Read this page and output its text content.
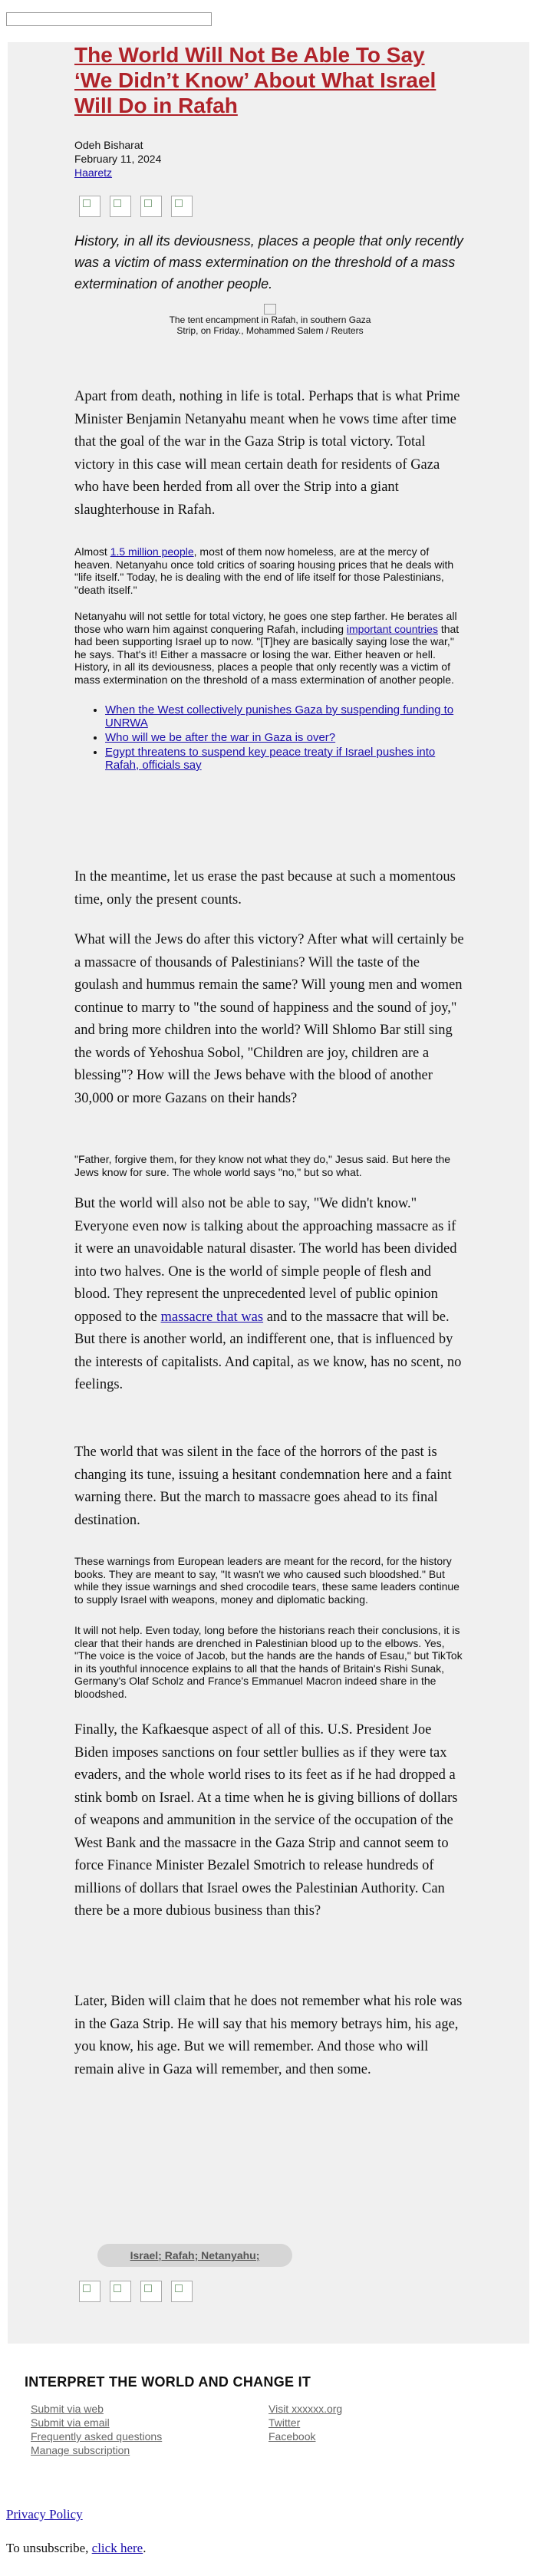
The World Will Not Be Able To Say ‘We Didn’t Know’ About What Israel Will Do in Rafah
Odeh Bisharat
February 11, 2024
Haaretz
History, in all its deviousness, places a people that only recently was a victim of mass extermination on the threshold of a mass extermination of another people.

The tent encampment in Rafah, in southern Gaza Strip, on Friday., Mohammed Salem / Reuters
Apart from death, nothing in life is total. Perhaps that is what Prime Minister Benjamin Netanyahu meant when he vows time after time that the goal of the war in the Gaza Strip is total victory. Total victory in this case will mean certain death for residents of Gaza who have been herded from all over the Strip into a giant slaughterhouse in Rafah.
Almost 1.5 million people, most of them now homeless, are at the mercy of heaven. Netanyahu once told critics of soaring housing prices that he deals with "life itself." Today, he is dealing with the end of life itself for those Palestinians, "death itself."
Netanyahu will not settle for total victory, he goes one step farther. He berates all those who warn him against conquering Rafah, including important countries that had been supporting Israel up to now. "[T]hey are basically saying lose the war," he says. That's it! Either a massacre or losing the war. Either heaven or hell. History, in all its deviousness, places a people that only recently was a victim of mass extermination on the threshold of a mass extermination of another people.
• When the West collectively punishes Gaza by suspending funding to UNRWA
• Who will we be after the war in Gaza is over?
• Egypt threatens to suspend key peace treaty if Israel pushes into Rafah, officials say
In the meantime, let us erase the past because at such a momentous time, only the present counts.
What will the Jews do after this victory? After what will certainly be a massacre of thousands of Palestinians? Will the taste of the goulash and hummus remain the same? Will young men and women continue to marry to "the sound of happiness and the sound of joy," and bring more children into the world? Will Shlomo Bar still sing the words of Yehoshua Sobol, "Children are joy, children are a blessing"? How will the Jews behave with the blood of another 30,000 or more Gazans on their hands?
"Father, forgive them, for they know not what they do," Jesus said. But here the Jews know for sure. The whole world says "no," but so what.
But the world will also not be able to say, "We didn't know." Everyone even now is talking about the approaching massacre as if it were an unavoidable natural disaster. The world has been divided into two halves. One is the world of simple people of flesh and blood. They represent the unprecedented level of public opinion opposed to the massacre that was and to the massacre that will be. But there is another world, an indifferent one, that is influenced by the interests of capitalists. And capital, as we know, has no scent, no feelings.
The world that was silent in the face of the horrors of the past is changing its tune, issuing a hesitant condemnation here and a faint warning there. But the march to massacre goes ahead to its final destination.
These warnings from European leaders are meant for the record, for the history books. They are meant to say, "It wasn't we who caused such bloodshed." But while they issue warnings and shed crocodile tears, these same leaders continue to supply Israel with weapons, money and diplomatic backing.
It will not help. Even today, long before the historians reach their conclusions, it is clear that their hands are drenched in Palestinian blood up to the elbows. Yes, "The voice is the voice of Jacob, but the hands are the hands of Esau," but TikTok in its youthful innocence explains to all that the hands of Britain's Rishi Sunak, Germany's Olaf Scholz and France's Emmanuel Macron indeed share in the bloodshed.
Finally, the Kafkaesque aspect of all of this. U.S. President Joe Biden imposes sanctions on four settler bullies as if they were tax evaders, and the whole world rises to its feet as if he had dropped a stink bomb on Israel. At a time when he is giving billions of dollars of weapons and ammunition in the service of the occupation of the West Bank and the massacre in the Gaza Strip and cannot seem to force Finance Minister Bezalel Smotrich to release hundreds of millions of dollars that Israel owes the Palestinian Authority. Can there be a more dubious business than this?
Later, Biden will claim that he does not remember what his role was in the Gaza Strip. He will say that his memory betrays him, his age, you know, his age. But we will remember. And those who will remain alive in Gaza will remember, and then some.
Israel; Rafah; Netanyahu;
INTERPRET THE WORLD AND CHANGE IT
Submit via web
Submit via email
Frequently asked questions
Manage subscription
Visit xxxxxx.org
Twitter
Facebook
Privacy Policy
To unsubscribe, click here.
